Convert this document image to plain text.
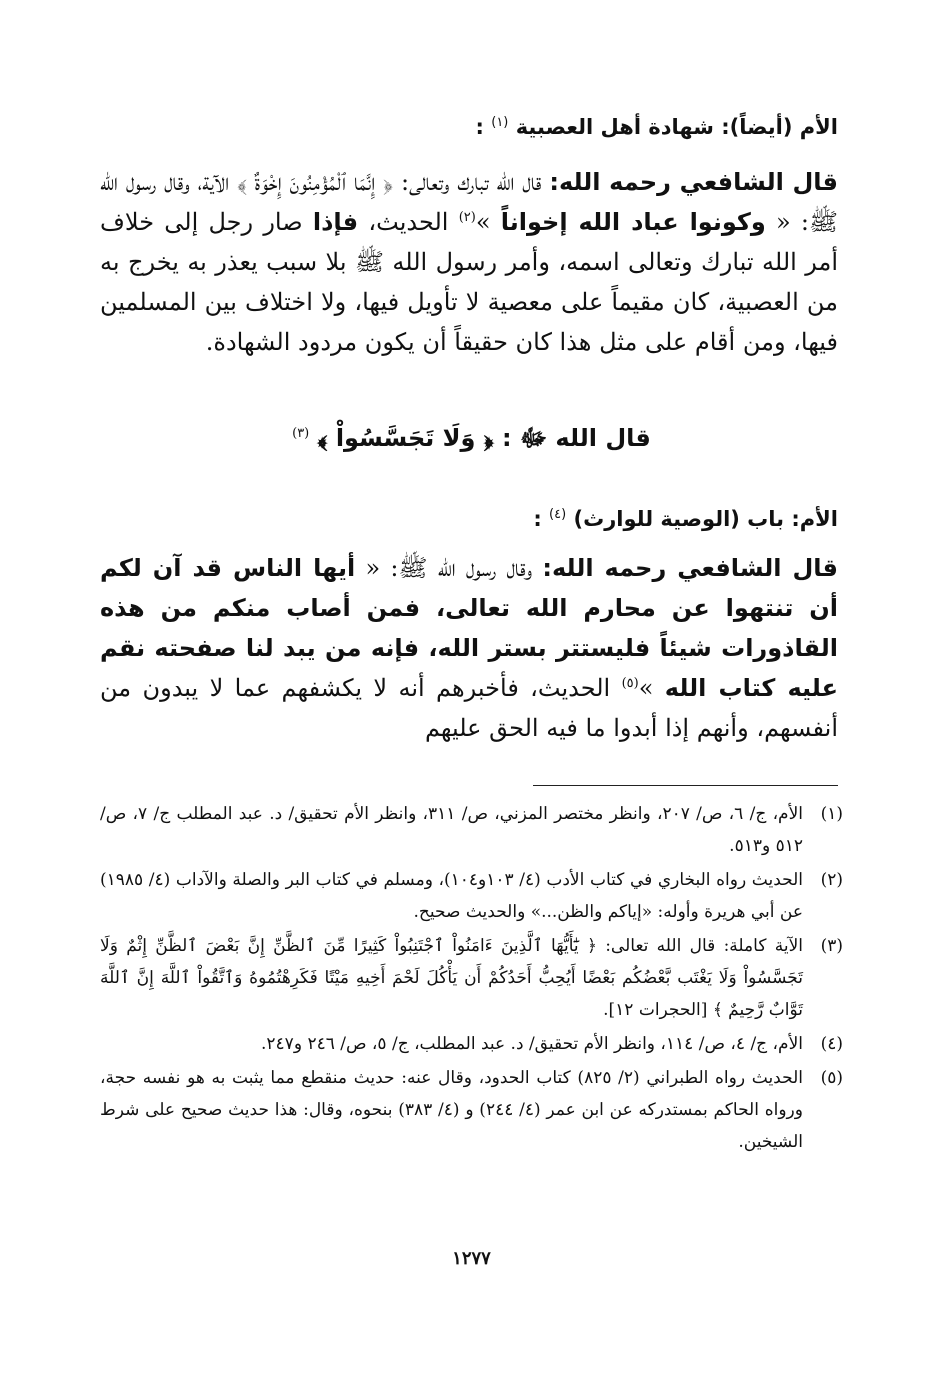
الأم (أيضاً): شهادة أهل العصبية $^{(١)}$ :

قال الشافعي رحمه الله: قال الله تبارك وتعالى: ﴿ إِنَّمَا ٱلْمُؤْمِنُونَ إِخْوَةٌ ﴾ الآية، وقال رسول الله ﷺ: « وكونوا عباد الله إخواناً »$^{(٢)}$ الحديث، فإذا صار رجل إلى خلاف أمر الله تبارك وتعالى اسمه، وأمر رسول الله ﷺ بلا سبب يعذر به يخرج به من العصبية، كان مقيماً على معصية لا تأويل فيها، ولا اختلاف بين المسلمين فيها، ومن أقام على مثل هذا كان حقيقاً أن يكون مردود الشهادة.

قال الله ﷻ : ﴿ وَلَا تَجَسَّسُواْ ﴾ $^{(٣)}$
الأم: باب (الوصية للوارث) $^{(٤)}$ :

قال الشافعي رحمه الله: وقال رسول الله ﷺ: « أيها الناس قد آن لكم أن تنتهوا عن محارم الله تعالى، فمن أصاب منكم من هذه القاذورات شيئاً فليستتر بستر الله، فإنه من يبد لنا صفحته نقم عليه كتاب الله »$^{(٥)}$ الحديث، فأخبرهم أنه لا يكشفهم عما لا يبدون من أنفسهم، وأنهم إذا أبدوا ما فيه الحق عليهم

(١)
الأم، ج/ ٦، ص/ ٢٠٧، وانظر مختصر المزني، ص/ ٣١١، وانظر الأم تحقيق/ د. عبد المطلب ج/ ٧، ص/ ٥١٢ و٥١٣.
(٢)
الحديث رواه البخاري في كتاب الأدب (٤/ ١٠٣و١٠٤)، ومسلم في كتاب البر والصلة والآداب (٤/ ١٩٨٥) عن أبي هريرة وأوله: «إياكم والظن...» والحديث صحيح.
(٣)
الآية كاملة: قال الله تعالى: ﴿ يَٰٓأَيُّهَا ٱلَّذِينَ ءَامَنُواْ ٱجْتَنِبُواْ كَثِيرًا مِّنَ ٱلظَّنِّ إِنَّ بَعْضَ ٱلظَّنِّ إِثْمٌ وَلَا تَجَسَّسُواْ وَلَا يَغْتَب بَّعْضُكُم بَعْضًا أَيُحِبُّ أَحَدُكُمْ أَن يَأْكُلَ لَحْمَ أَخِيهِ مَيْتًا فَكَرِهْتُمُوهُ وَٱتَّقُواْ ٱللَّهَ إِنَّ ٱللَّهَ تَوَّابٌ رَّحِيمٌ ﴾ [الحجرات ١٢].
(٤)
الأم، ج/ ٤، ص/ ١١٤، وانظر الأم تحقيق/ د. عبد المطلب، ج/ ٥، ص/ ٢٤٦ و٢٤٧.
(٥)
الحديث رواه الطبراني (٢/ ٨٢٥) كتاب الحدود، وقال عنه: حديث منقطع مما يثبت به هو نفسه حجة، ورواه الحاكم بمستدركه عن ابن عمر (٤/ ٢٤٤) و (٤/ ٣٨٣) بنحوه، وقال: هذا حديث صحيح على شرط الشيخين.
١٢٧٧
